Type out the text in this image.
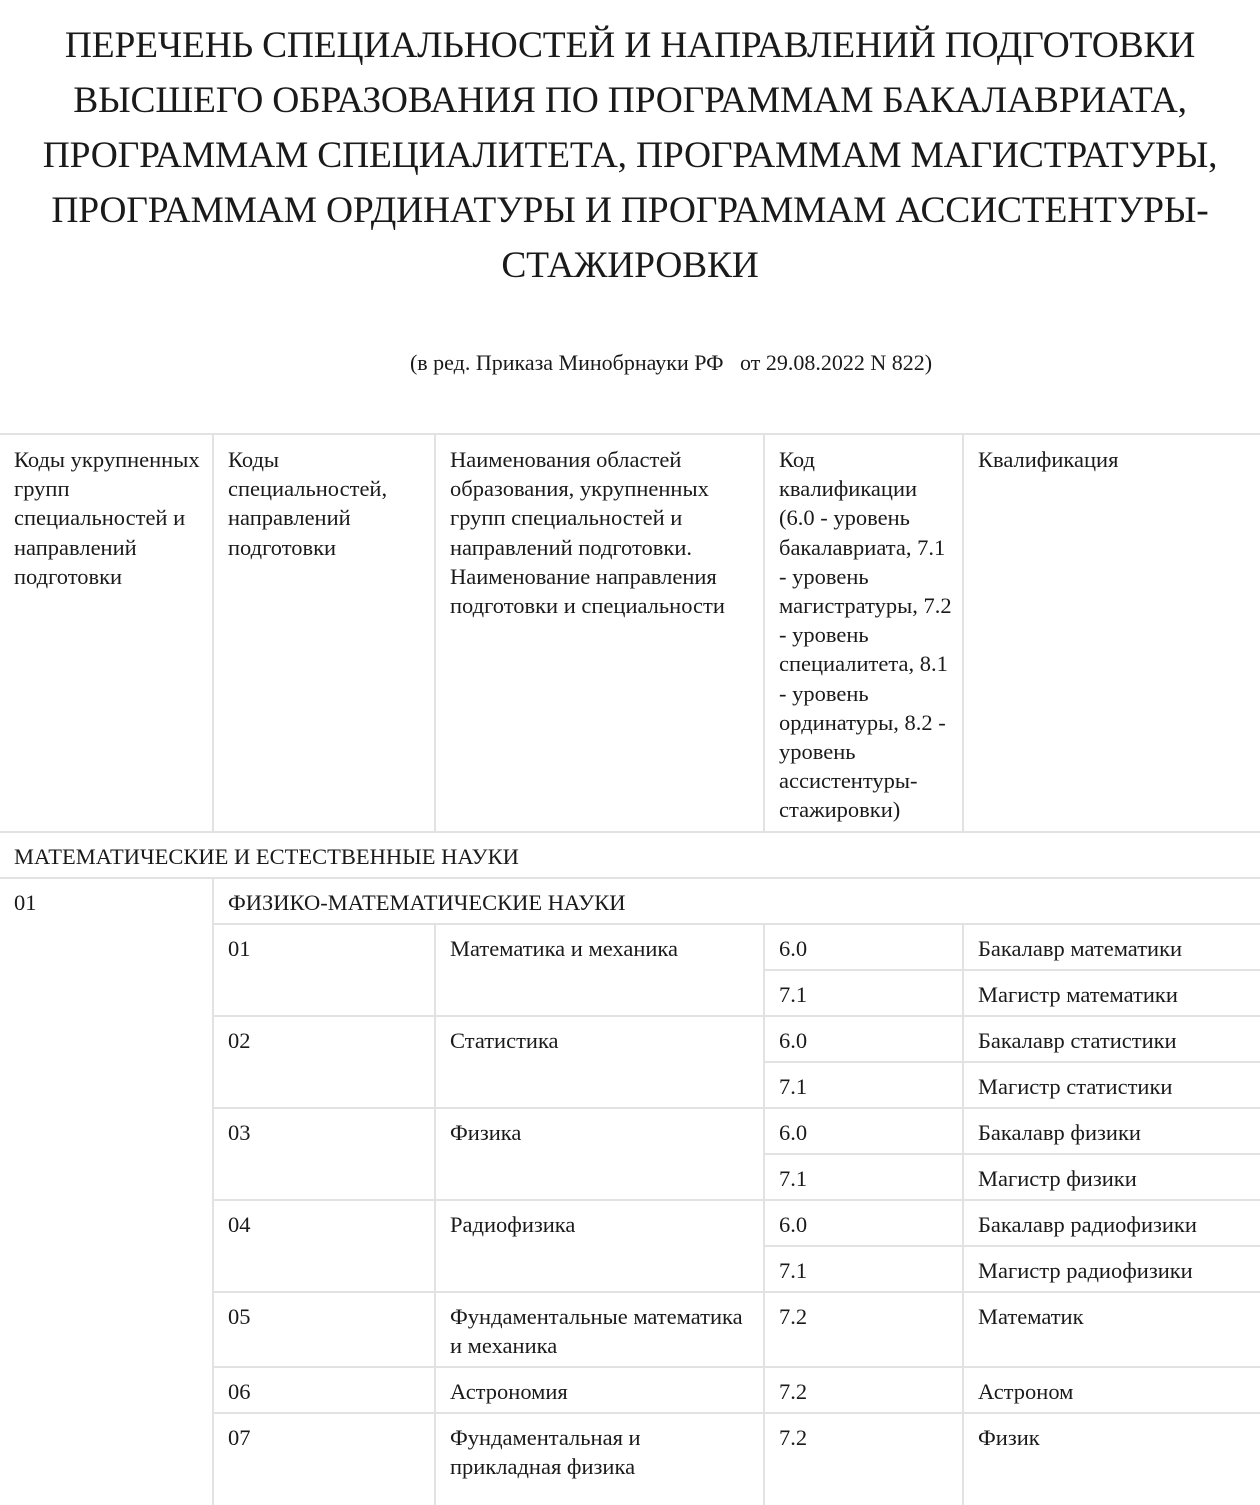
ПЕРЕЧЕНЬ СПЕЦИАЛЬНОСТЕЙ И НАПРАВЛЕНИЙ ПОДГОТОВКИ
ВЫСШЕГО ОБРАЗОВАНИЯ ПО ПРОГРАММАМ БАКАЛАВРИАТА,
ПРОГРАММАМ СПЕЦИАЛИТЕТА, ПРОГРАММАМ МАГИСТРАТУРЫ,
ПРОГРАММАМ ОРДИНАТУРЫ И ПРОГРАММАМ АССИСТЕНТУРЫ-
СТАЖИРОВКИ
(в ред. Приказа Минобрнауки РФ   от 29.08.2022 N 822)
Коды укрупненных групп специальностей и направлений подготовки	Коды специальностей, направлений подготовки	Наименования областей образования, укрупненных групп специальностей и направлений подготовки. Наименование направления подготовки и специальности	Код квалификации (6.0 - уровень бакалавриата, 7.1 - уровень магистратуры, 7.2 - уровень специалитета, 8.1 - уровень ординатуры, 8.2 - уровень ассистентуры-стажировки)	Квалификация
МАТЕМАТИЧЕСКИЕ И ЕСТЕСТВЕННЫЕ НАУКИ				
01	ФИЗИКО-МАТЕМАТИЧЕСКИЕ НАУКИ			
	01	Математика и механика	6.0	Бакалавр математики
			7.1	Магистр математики
	02	Статистика	6.0	Бакалавр статистики
			7.1	Магистр статистики
	03	Физика	6.0	Бакалавр физики
			7.1	Магистр физики
	04	Радиофизика	6.0	Бакалавр радиофизики
			7.1	Магистр радиофизики
	05	Фундаментальные математика и механика	7.2	Математик
	06	Астрономия	7.2	Астроном
	07	Фундаментальная и прикладная физика	7.2	Физик
